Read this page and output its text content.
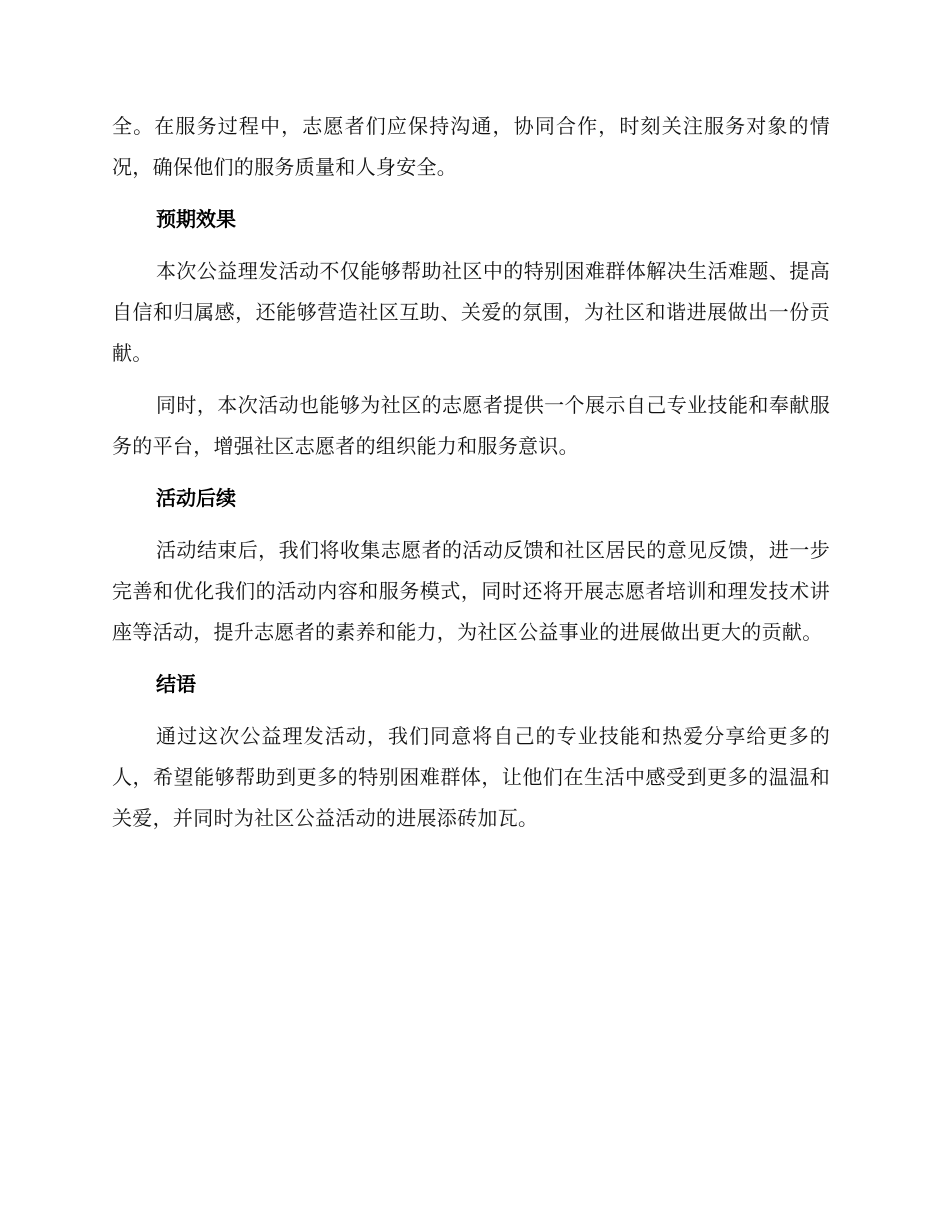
全。在服务过程中，志愿者们应保持沟通，协同合作，时刻关注服务对象的情况，确保他们的服务质量和人身安全。

预期效果

本次公益理发活动不仅能够帮助社区中的特别困难群体解决生活难题、提高自信和归属感，还能够营造社区互助、关爱的氛围，为社区和谐进展做出一份贡献。

同时，本次活动也能够为社区的志愿者提供一个展示自己专业技能和奉献服务的平台，增强社区志愿者的组织能力和服务意识。

活动后续

活动结束后，我们将收集志愿者的活动反馈和社区居民的意见反馈，进一步完善和优化我们的活动内容和服务模式，同时还将开展志愿者培训和理发技术讲座等活动，提升志愿者的素养和能力，为社区公益事业的进展做出更大的贡献。

结语

通过这次公益理发活动，我们同意将自己的专业技能和热爱分享给更多的人，希望能够帮助到更多的特别困难群体，让他们在生活中感受到更多的温温和关爱，并同时为社区公益活动的进展添砖加瓦。
